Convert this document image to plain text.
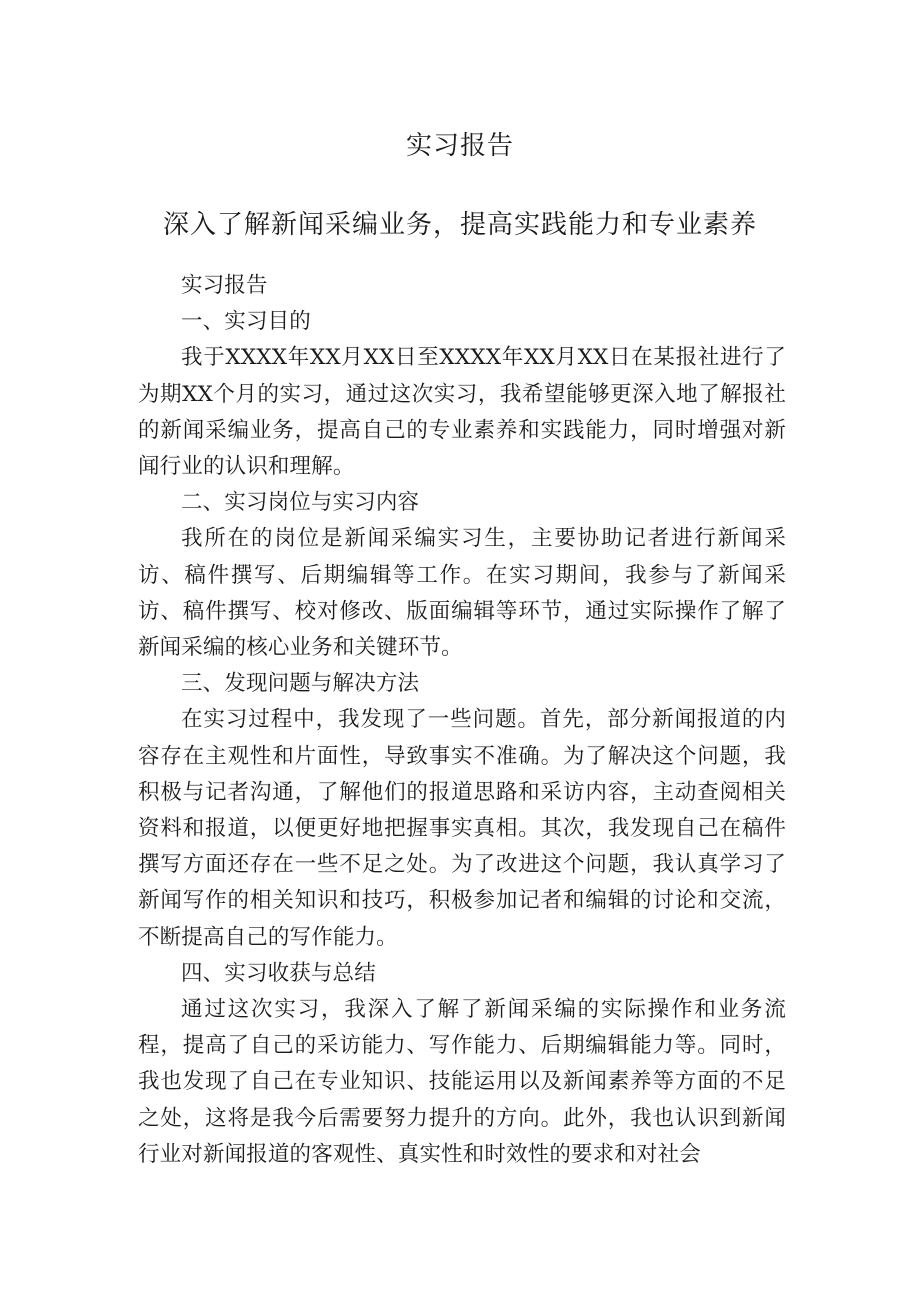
实习报告
深入了解新闻采编业务，提高实践能力和专业素养

实习报告

一、实习目的

我于XXXX年XX月XX日至XXXX年XX月XX日在某报社进行了为期XX个月的实习，通过这次实习，我希望能够更深入地了解报社的新闻采编业务，提高自己的专业素养和实践能力，同时增强对新闻行业的认识和理解。

二、实习岗位与实习内容

我所在的岗位是新闻采编实习生，主要协助记者进行新闻采访、稿件撰写、后期编辑等工作。在实习期间，我参与了新闻采访、稿件撰写、校对修改、版面编辑等环节，通过实际操作了解了新闻采编的核心业务和关键环节。

三、发现问题与解决方法

在实习过程中，我发现了一些问题。首先，部分新闻报道的内容存在主观性和片面性，导致事实不准确。为了解决这个问题，我积极与记者沟通，了解他们的报道思路和采访内容，主动查阅相关资料和报道，以便更好地把握事实真相。其次，我发现自己在稿件撰写方面还存在一些不足之处。为了改进这个问题，我认真学习了新闻写作的相关知识和技巧，积极参加记者和编辑的讨论和交流，不断提高自己的写作能力。

四、实习收获与总结

通过这次实习，我深入了解了新闻采编的实际操作和业务流程，提高了自己的采访能力、写作能力、后期编辑能力等。同时，我也发现了自己在专业知识、技能运用以及新闻素养等方面的不足之处，这将是我今后需要努力提升的方向。此外，我也认识到新闻行业对新闻报道的客观性、真实性和时效性的要求和对社会
